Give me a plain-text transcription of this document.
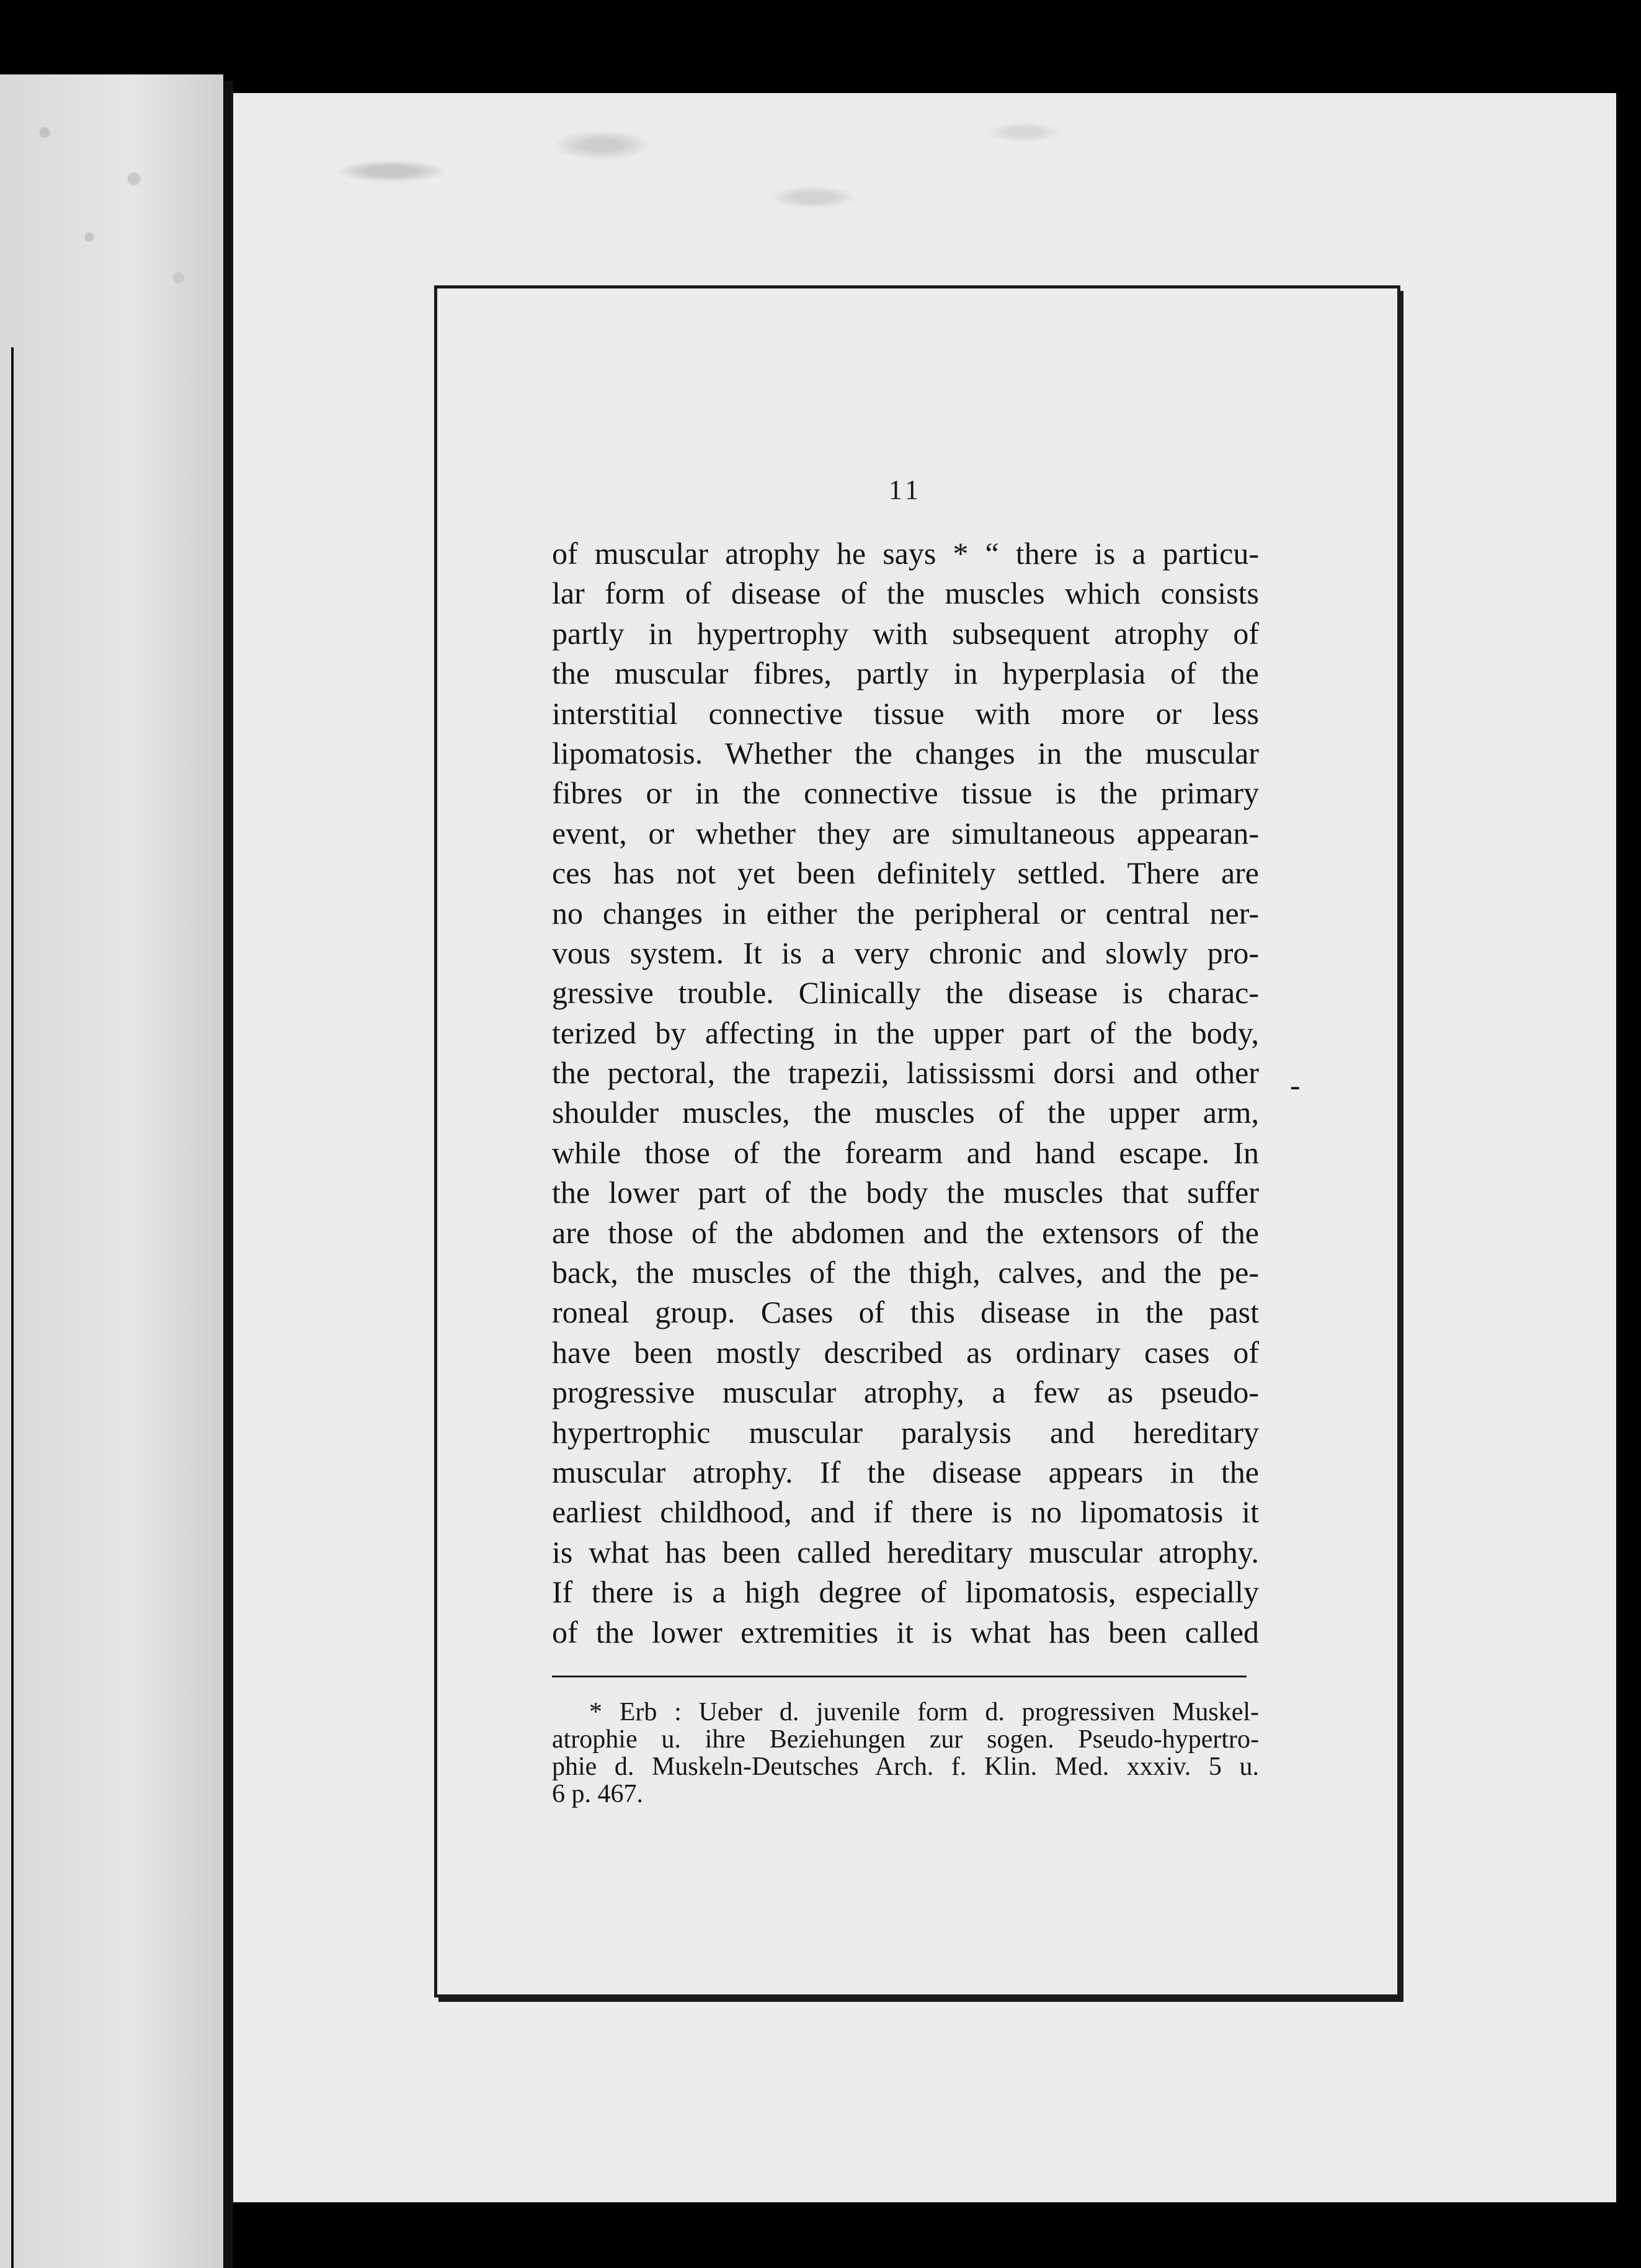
11
of muscular atrophy he says * “ there is a particu-
lar form of disease of the muscles which consists
partly in hypertrophy with subsequent atrophy of
the muscular fibres, partly in hyperplasia of the
interstitial connective tissue with more or less
lipomatosis. Whether the changes in the muscular
fibres or in the connective tissue is the primary
event, or whether they are simultaneous appearan-
ces has not yet been definitely settled. There are
no changes in either the peripheral or central ner-
vous system. It is a very chronic and slowly pro-
gressive trouble. Clinically the disease is charac-
terized by affecting in the upper part of the body,
the pectoral, the trapezii, latississmi dorsi and other
shoulder muscles, the muscles of the upper arm,
while those of the forearm and hand escape. In
the lower part of the body the muscles that suffer
are those of the abdomen and the extensors of the
back, the muscles of the thigh, calves, and the pe-
roneal group. Cases of this disease in the past
have been mostly described as ordinary cases of
progressive muscular atrophy, a few as pseudo-
hypertrophic muscular paralysis and hereditary
muscular atrophy. If the disease appears in the
earliest childhood, and if there is no lipomatosis it
is what has been called hereditary muscular atrophy.
If there is a high degree of lipomatosis, especially
of the lower extremities it is what has been called
* Erb : Ueber d. juvenile form d. progressiven Muskel-
atrophie u. ihre Beziehungen zur sogen. Pseudo-hypertro-
phie d. Muskeln-Deutsches Arch. f. Klin. Med. xxxiv. 5 u.
6 p. 467.
-
